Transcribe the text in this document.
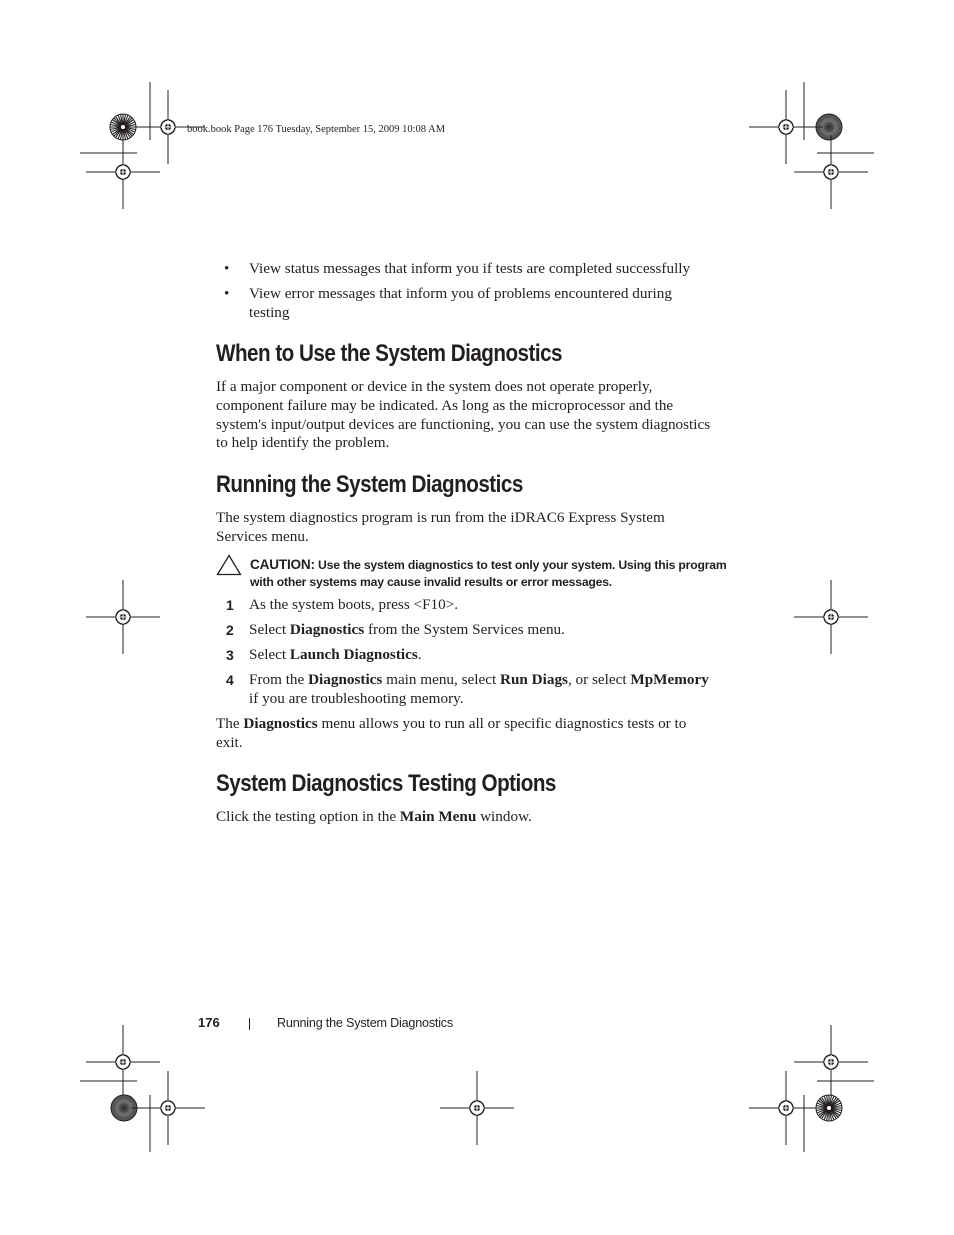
book.book Page 176 Tuesday, September 15, 2009 10:08 AM
• View status messages that inform you if tests are completed successfully
• View error messages that inform you of problems encountered during testing
When to Use the System Diagnostics
If a major component or device in the system does not operate properly, component failure may be indicated. As long as the microprocessor and the system's input/output devices are functioning, you can use the system diagnostics to help identify the problem.
Running the System Diagnostics
The system diagnostics program is run from the iDRAC6 Express System Services menu.
CAUTION: Use the system diagnostics to test only your system. Using this program with other systems may cause invalid results or error messages.
1 As the system boots, press <F10>.
2 Select Diagnostics from the System Services menu.
3 Select Launch Diagnostics.
4 From the Diagnostics main menu, select Run Diags, or select MpMemory if you are troubleshooting memory.
The Diagnostics menu allows you to run all or specific diagnostics tests or to exit.
System Diagnostics Testing Options
Click the testing option in the Main Menu window.
176	Running the System Diagnostics
